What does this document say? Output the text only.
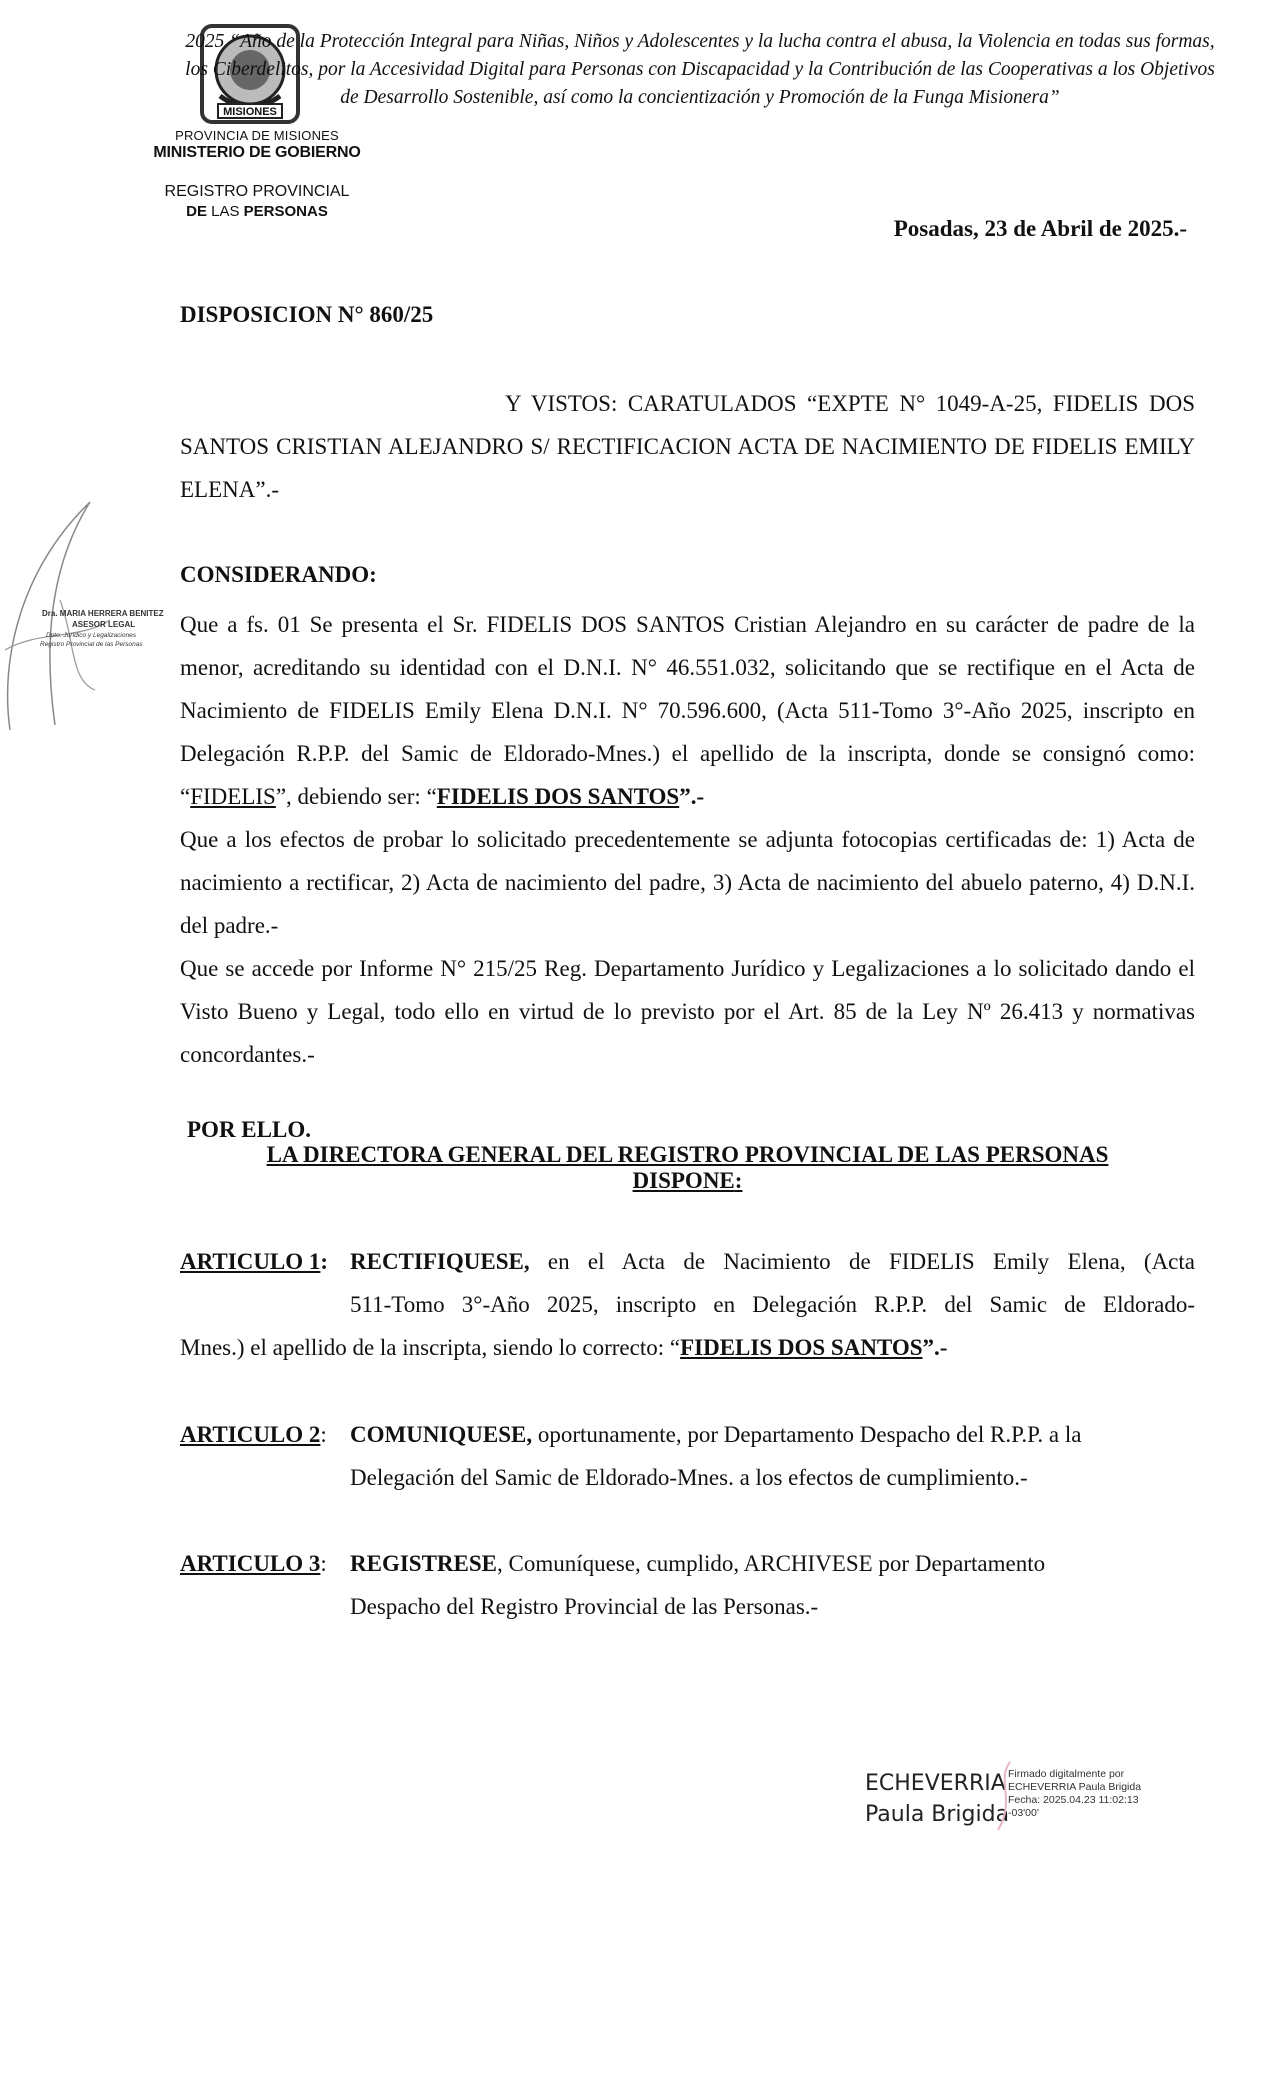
MISIONES
2025 “Año de la Protección Integral para Niñas, Niños y Adolescentes y la lucha contra el abusa, la Violencia en todas sus formas, los Ciberdelitos, por la Accesividad Digital para Personas con Discapacidad y la Contribución de las Cooperativas a los Objetivos de Desarrollo Sostenible, así como la concientización y Promoción de la Funga Misionera”
PROVINCIA DE MISIONES
MINISTERIO DE GOBIERNO
REGISTRO PROVINCIAL
DE LAS PERSONAS
Posadas, 23 de Abril de 2025.-
DISPOSICION N° 860/25
Y VISTOS: CARATULADOS “EXPTE N° 1049-A-25, FIDELIS DOS SANTOS CRISTIAN ALEJANDRO S/ RECTIFICACION ACTA DE NACIMIENTO DE FIDELIS EMILY ELENA”.-
Dra. MARIA HERRERA BENITEZ
ASESOR LEGAL
Dpto. Jurídico y Legalizaciones
Registro Provincial de las Personas
CONSIDERANDO:
Que a fs. 01 Se presenta el Sr. FIDELIS DOS SANTOS Cristian Alejandro en su carácter de padre de la menor, acreditando su identidad con el D.N.I. N° 46.551.032, solicitando que se rectifique en el Acta de Nacimiento de FIDELIS Emily Elena D.N.I. N° 70.596.600, (Acta 511-Tomo 3°-Año 2025, inscripto en Delegación R.P.P. del Samic de Eldorado-Mnes.) el apellido de la inscripta, donde se consignó como: “FIDELIS”, debiendo ser: “FIDELIS DOS SANTOS”.-
Que a los efectos de probar lo solicitado precedentemente se adjunta fotocopias certificadas de: 1) Acta de nacimiento a rectificar, 2) Acta de nacimiento del padre, 3) Acta de nacimiento del abuelo paterno, 4) D.N.I. del padre.-
Que se accede por Informe N° 215/25 Reg. Departamento Jurídico y Legalizaciones a lo solicitado dando el Visto Bueno y Legal, todo ello en virtud de lo previsto por el Art. 85 de la Ley Nº 26.413 y normativas concordantes.-
POR ELLO.
LA DIRECTORA GENERAL DEL REGISTRO PROVINCIAL DE LAS PERSONAS
DISPONE:
ARTICULO 1: RECTIFIQUESE, en el Acta de Nacimiento de FIDELIS Emily Elena, (Acta
511-Tomo 3°-Año 2025, inscripto en Delegación R.P.P. del Samic de Eldorado-
Mnes.) el apellido de la inscripta, siendo lo correcto: “FIDELIS DOS SANTOS”.-
ARTICULO 2:	COMUNIQUESE, oportunamente, por Departamento Despacho del R.P.P. a la
Delegación del Samic de Eldorado-Mnes. a los efectos de cumplimiento.-
ARTICULO 3:	REGISTRESE, Comuníquese, cumplido, ARCHIVESE por Departamento
Despacho del Registro Provincial de las Personas.-
ECHEVERRIA
Paula Brigida
Firmado digitalmente por
ECHEVERRIA Paula Brigida
Fecha: 2025.04.23 11:02:13
-03'00'
